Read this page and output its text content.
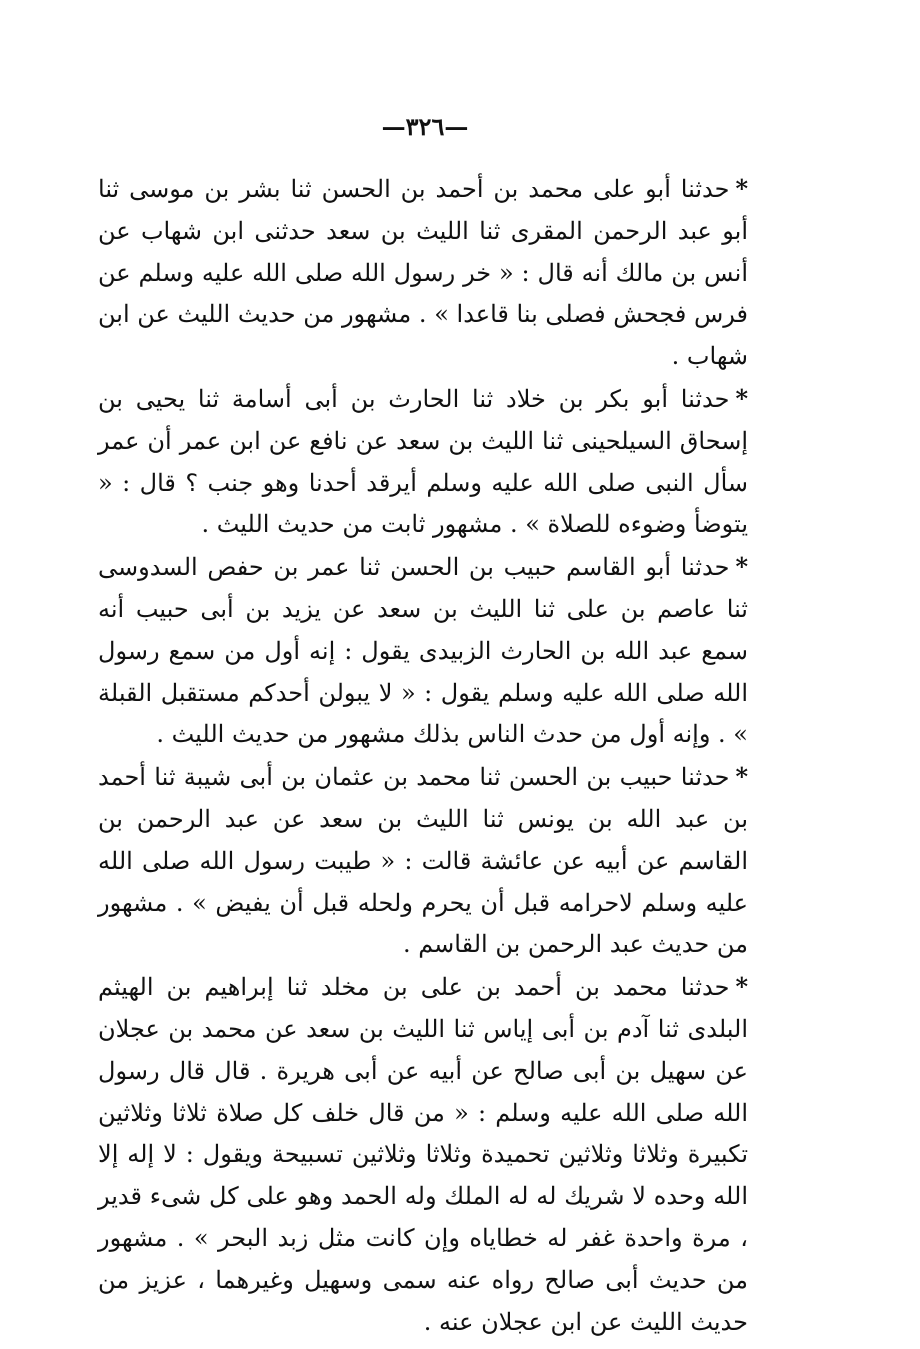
—٣٢٦—
*حدثنا أبو على محمد بن أحمد بن الحسن ثنا بشر بن موسى ثنا أبو عبد الرحمن المقرى ثنا الليث بن سعد حدثنى ابن شهاب عن أنس بن مالك أنه قال : « خر رسول الله صلى الله عليه وسلم عن فرس فجحش فصلى بنا قاعدا » . مشهور من حديث الليث عن ابن شهاب .
*حدثنا أبو بكر بن خلاد ثنا الحارث بن أبى أسامة ثنا يحيى بن إسحاق السيلحينى ثنا الليث بن سعد عن نافع عن ابن عمر أن عمر سأل النبى صلى الله عليه وسلم أيرقد أحدنا وهو جنب ؟ قال : « يتوضأ وضوءه للصلاة » . مشهور ثابت من حديث الليث .
*حدثنا أبو القاسم حبيب بن الحسن ثنا عمر بن حفص السدوسى ثنا عاصم بن على ثنا الليث بن سعد عن يزيد بن أبى حبيب أنه سمع عبد الله بن الحارث الزبيدى يقول : إنه أول من سمع رسول الله صلى الله عليه وسلم يقول : « لا يبولن أحدكم مستقبل القبلة » . وإنه أول من حدث الناس بذلك مشهور من حديث الليث .
*حدثنا حبيب بن الحسن ثنا محمد بن عثمان بن أبى شيبة ثنا أحمد بن عبد الله بن يونس ثنا الليث بن سعد عن عبد الرحمن بن القاسم عن أبيه عن عائشة قالت : « طيبت رسول الله صلى الله عليه وسلم لاحرامه قبل أن يحرم ولحله قبل أن يفيض » . مشهور من حديث عبد الرحمن بن القاسم .
*حدثنا محمد بن أحمد بن على بن مخلد ثنا إبراهيم بن الهيثم البلدى ثنا آدم بن أبى إياس ثنا الليث بن سعد عن محمد بن عجلان عن سهيل بن أبى صالح عن أبيه عن أبى هريرة . قال قال رسول الله صلى الله عليه وسلم : « من قال خلف كل صلاة ثلاثا وثلاثين تكبيرة وثلاثا وثلاثين تحميدة وثلاثا وثلاثين تسبيحة ويقول : لا إله إلا الله وحده لا شريك له له الملك وله الحمد وهو على كل شىء قدير ، مرة واحدة غفر له خطاياه وإن كانت مثل زبد البحر » . مشهور من حديث أبى صالح رواه عنه سمى وسهيل وغيرهما ، عزيز من حديث الليث عن ابن عجلان عنه .
